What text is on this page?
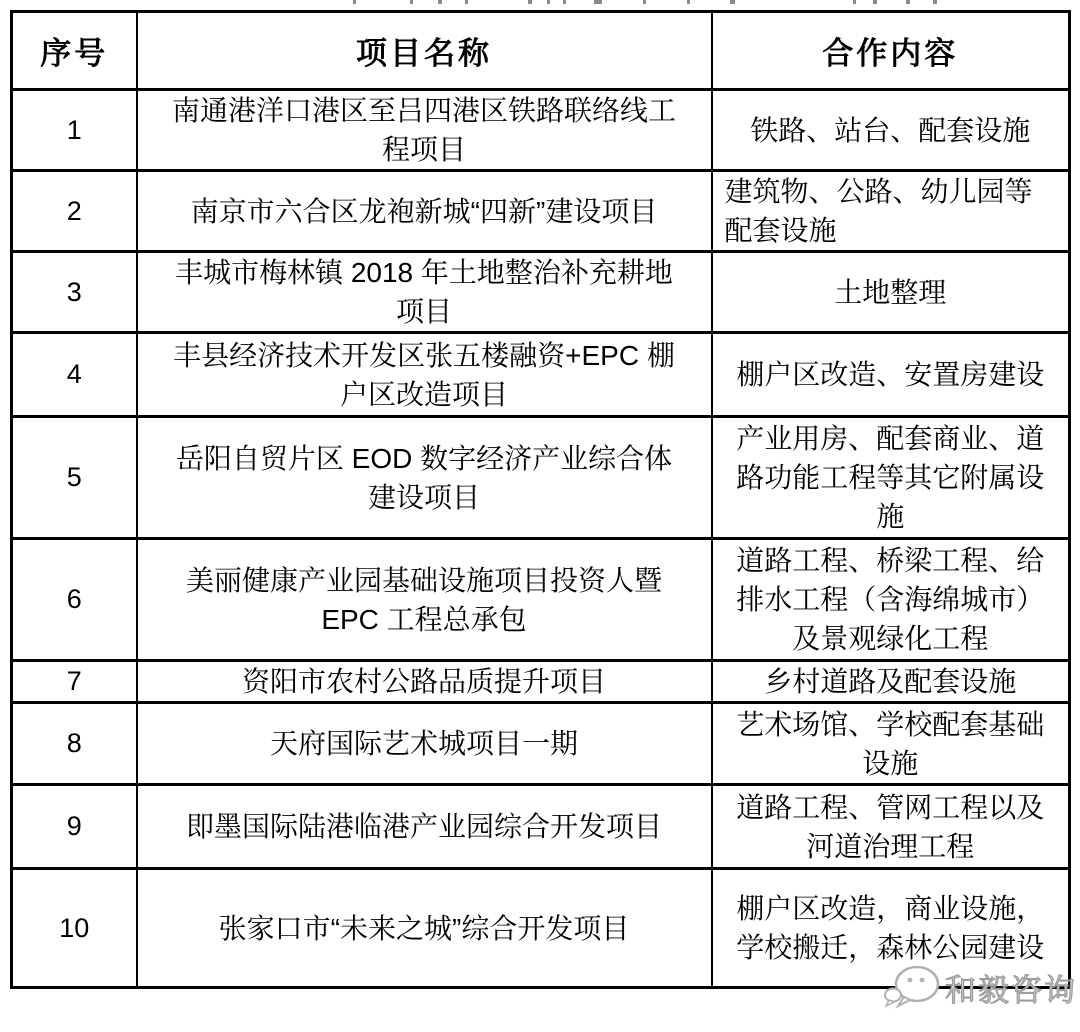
序号	项目名称	合作内容
1	南通港洋口港区至吕四港区铁路联络线工程项目	铁路、站台、配套设施
2	南京市六合区龙袍新城“四新”建设项目	建筑物、公路、幼儿园等配套设施
3	丰城市梅林镇 2018 年土地整治补充耕地项目	土地整理
4	丰县经济技术开发区张五楼融资+EPC 棚户区改造项目	棚户区改造、安置房建设
5	岳阳自贸片区 EOD 数字经济产业综合体建设项目	产业用房、配套商业、道路功能工程等其它附属设施
6	美丽健康产业园基础设施项目投资人暨 EPC 工程总承包	道路工程、桥梁工程、给排水工程（含海绵城市）及景观绿化工程
7	资阳市农村公路品质提升项目	乡村道路及配套设施
8	天府国际艺术城项目一期	艺术场馆、学校配套基础设施
9	即墨国际陆港临港产业园综合开发项目	道路工程、管网工程以及河道治理工程
10	张家口市“未来之城”综合开发项目	棚户区改造，商业设施，学校搬迁，森林公园建设
和毅咨询
